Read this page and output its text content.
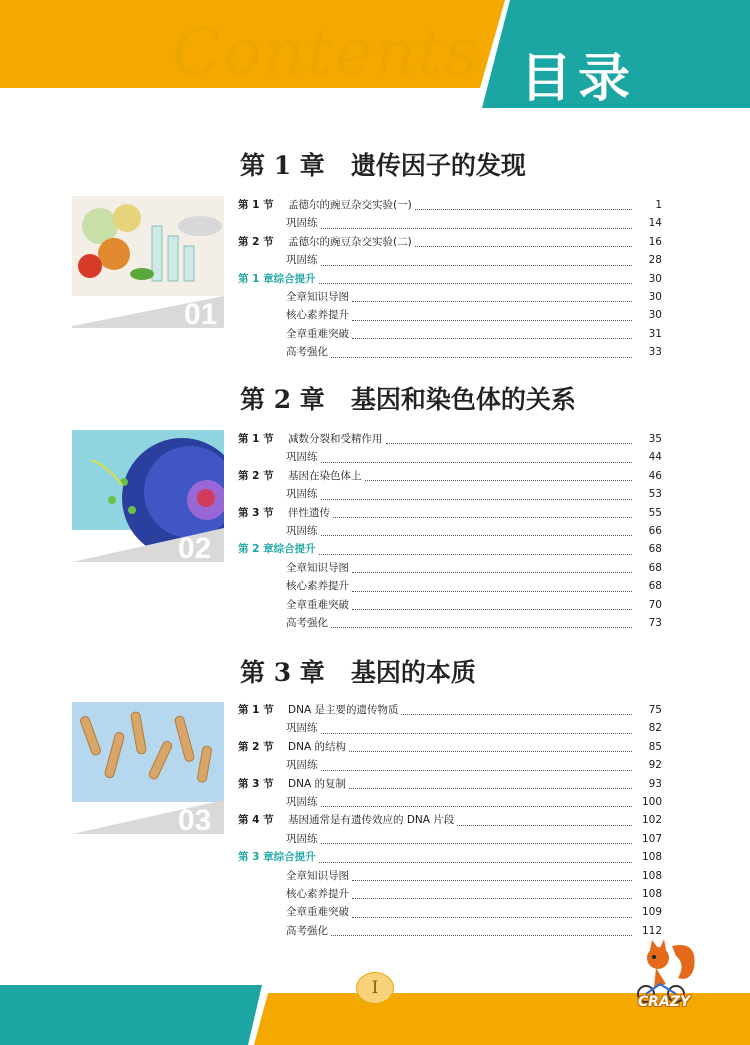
Contents 目录
第 1 章 遗传因子的发现
第 2 章 基因和染色体的关系
第 3 章 基因的本质
01
02
03
第 1 节 孟德尔的豌豆杂交实验(一)	1
巩固练	14
第 2 节 孟德尔的豌豆杂交实验(二)	16
巩固练	28
第 1 章综合提升	30
全章知识导图	30
核心素养提升	30
全章重难突破	31
高考强化	33
第 1 节 减数分裂和受精作用	35
巩固练	44
第 2 节 基因在染色体上	46
巩固练	53
第 3 节 伴性遗传	55
巩固练	66
第 2 章综合提升	68
全章知识导图	68
核心素养提升	68
全章重难突破	70
高考强化	73
第 1 节 DNA 是主要的遗传物质	75
巩固练	82
第 2 节 DNA 的结构	85
巩固练	92
第 3 节 DNA 的复制	93
巩固练	100
第 4 节 基因通常是有遗传效应的 DNA 片段	102
巩固练	107
第 3 章综合提升	108
全章知识导图	108
核心素养提升	108
全章重难突破	109
高考强化	112
I
CRAZY
